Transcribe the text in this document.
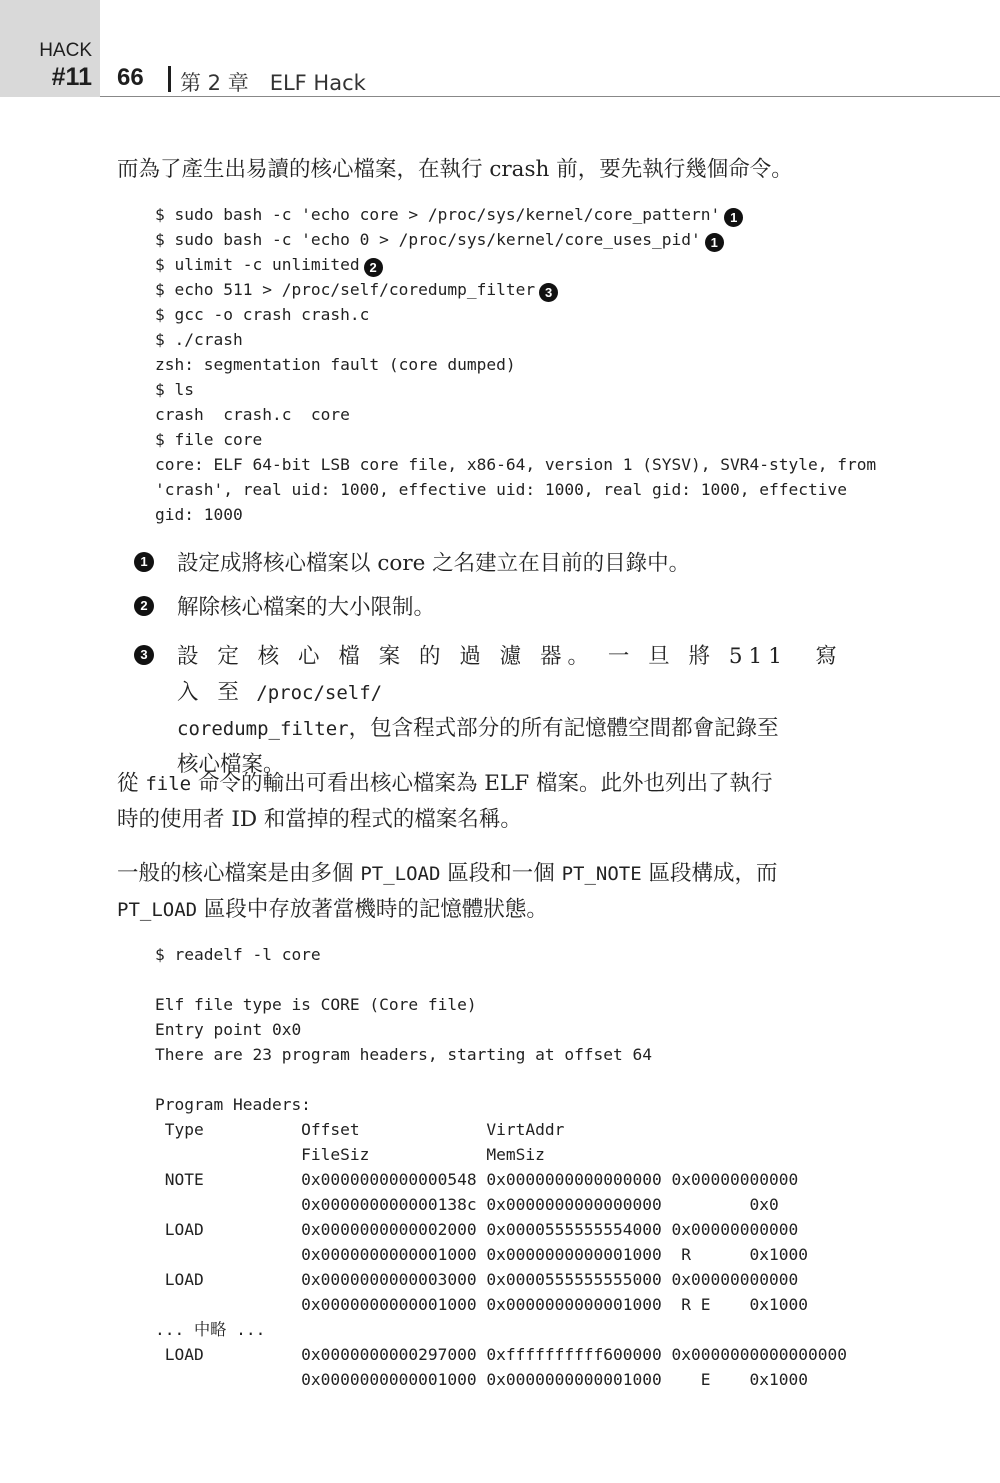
HACK
#11 66 第 2 章　ELF Hack

而為了產生出易讀的核心檔案，在執行 crash 前，要先執行幾個命令。

$ sudo bash -c 'echo core > /proc/sys/kernel/core_pattern' 1
$ sudo bash -c 'echo 0 > /proc/sys/kernel/core_uses_pid' 1
$ ulimit -c unlimited 2
$ echo 511 > /proc/self/coredump_filter 3
$ gcc -o crash crash.c
$ ./crash
zsh: segmentation fault (core dumped)
$ ls
crash  crash.c  core
$ file core
core: ELF 64-bit LSB core file, x86-64, version 1 (SYSV), SVR4-style, from
'crash', real uid: 1000, effective uid: 1000, real gid: 1000, effective
gid: 1000
1 設定成將核心檔案以 core 之名建立在目前的目錄中。

2 解除核心檔案的大小限制。

3 設 定 核 心 檔 案 的 過 濾 器。 一 旦 將 511　寫 入 至 /proc/self/
coredump_filter，包含程式部分的所有記憶體空間都會記錄至
核心檔案。

從 file 命令的輸出可看出核心檔案為 ELF 檔案。此外也列出了執行
時的使用者 ID 和當掉的程式的檔案名稱。

一般的核心檔案是由多個 PT_LOAD 區段和一個 PT_NOTE 區段構成，而
PT_LOAD 區段中存放著當機時的記憶體狀態。

$ readelf -l core
Elf file type is CORE (Core file)
Entry point 0x0
There are 23 program headers, starting at offset 64
Program Headers:
Type          Offset             VirtAddr
FileSiz            MemSiz
NOTE          0x0000000000000548 0x0000000000000000 0x00000000000
0x000000000000138c 0x0000000000000000         0x0
LOAD          0x0000000000002000 0x0000555555554000 0x00000000000
0x0000000000001000 0x0000000000001000  R      0x1000
LOAD          0x0000000000003000 0x0000555555555000 0x00000000000
0x0000000000001000 0x0000000000001000  R E    0x1000
... 中略 ...
LOAD          0x0000000000297000 0xffffffffff600000 0x0000000000000000
0x0000000000001000 0x0000000000001000    E    0x1000
